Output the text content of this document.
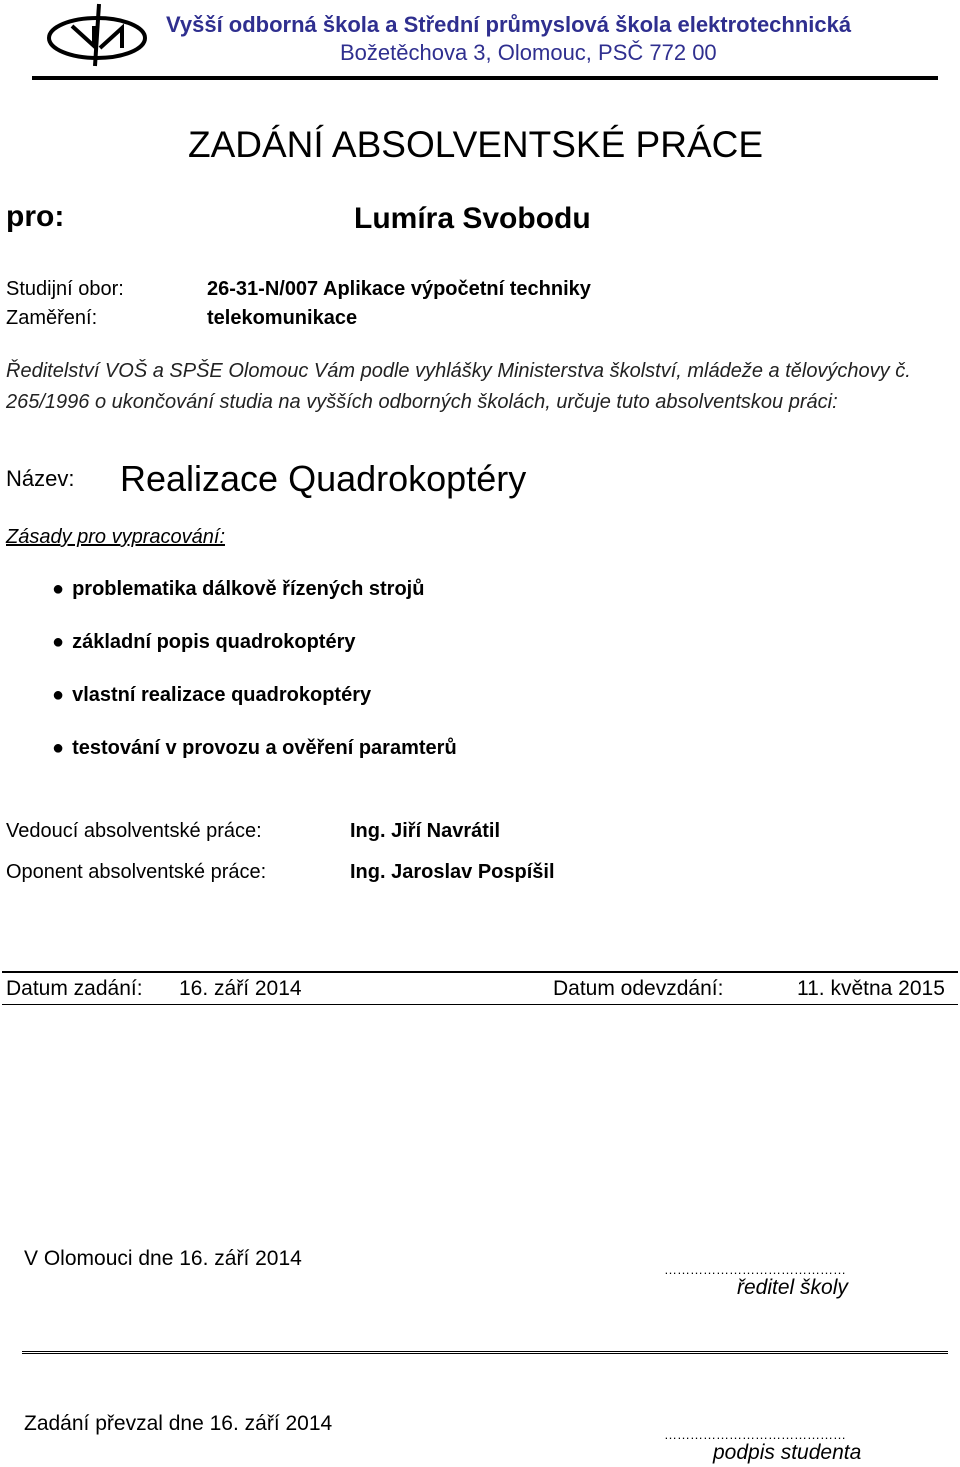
Vyšší odborná škola a Střední průmyslová škola elektrotechnická
Božetěchova 3, Olomouc, PSČ 772 00
ZADÁNÍ ABSOLVENTSKÉ PRÁCE
pro:	Lumíra Svobodu
Studijní obor:	26-31-N/007 Aplikace výpočetní techniky
Zaměření:	telekomunikace
Ředitelství VOŠ a SPŠE Olomouc Vám podle vyhlášky Ministerstva školství, mládeže a tělovýchovy č. 265/1996 o ukončování studia na vyšších odborných školách, určuje tuto absolventskou práci:
Název: Realizace Quadrokoptéry
Zásady pro vypracování:
● problematika dálkově řízených strojů
● základní popis quadrokoptéry
● vlastní realizace quadrokoptéry
● testování v provozu a ověření paramterů
Vedoucí absolventské práce:	Ing. Jiří Navrátil
Oponent absolventské práce:	Ing. Jaroslav Pospíšil
Datum zadání: 16. září 2014	Datum odevzdání:	11. května 2015
V Olomouci dne 16. září 2014	……………………………………
ředitel školy
Zadání převzal dne 16. září 2014	……………………………………
podpis studenta
